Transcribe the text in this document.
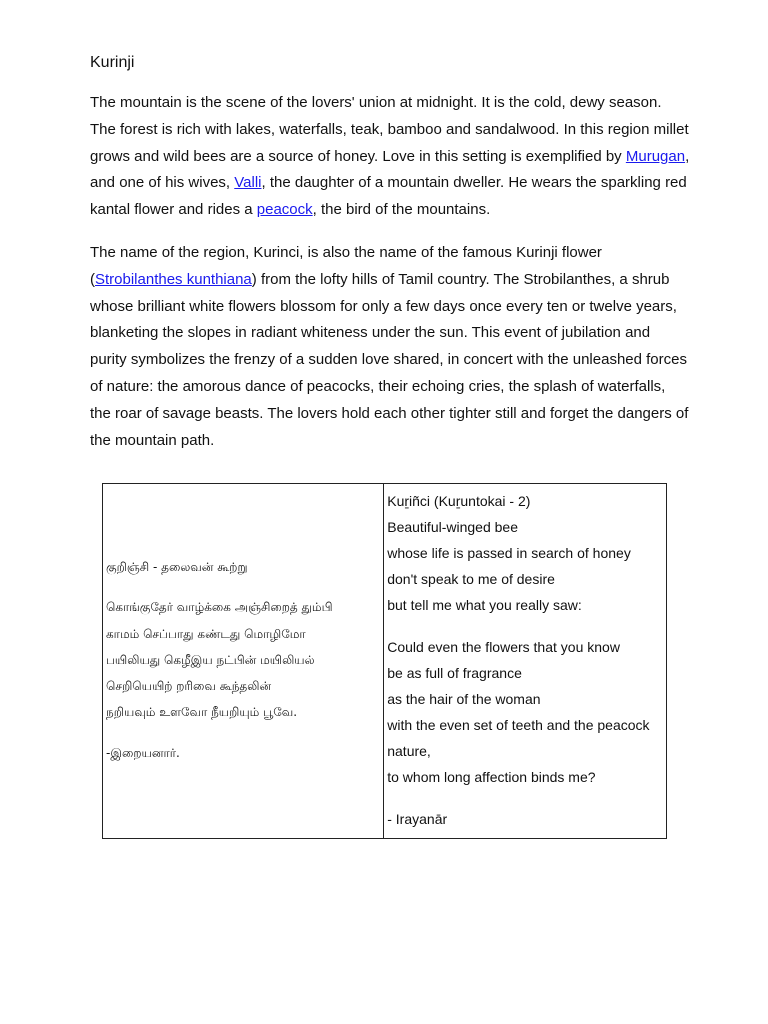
Kurinji

The mountain is the scene of the lovers' union at midnight. It is the cold, dewy season. The forest is rich with lakes, waterfalls, teak, bamboo and sandalwood. In this region millet grows and wild bees are a source of honey. Love in this setting is exemplified by Murugan, and one of his wives, Valli, the daughter of a mountain dweller. He wears the sparkling red kantal flower and rides a peacock, the bird of the mountains.

The name of the region, Kurinci, is also the name of the famous Kurinji flower (Strobilanthes kunthiana) from the lofty hills of Tamil country. The Strobilanthes, a shrub whose brilliant white flowers blossom for only a few days once every ten or twelve years, blanketing the slopes in radiant whiteness under the sun. This event of jubilation and purity symbolizes the frenzy of a sudden love shared, in concert with the unleashed forces of nature: the amorous dance of peacocks, their echoing cries, the splash of waterfalls, the roar of savage beasts. The lovers hold each other tighter still and forget the dangers of the mountain path.

குறிஞ்சி - தலைவன் கூற்று
கொங்குதேர் வாழ்க்கை அஞ்சிறைத் தும்பி
காமம் செப்பாது கண்டது மொழிமோ
பயிலியது கெழீஇய நட்பின் மயிலியல்
செறியெயிற் றரிவை கூந்தலின்
நறியவும் உளவோ நீயறியும் பூவே.
-இறையனார்.

Kuṟiñci (Kuṟuntokai - 2)
Beautiful-winged bee
whose life is passed in search of honey
don't speak to me of desire
but tell me what you really saw:
Could even the flowers that you know
be as full of fragrance
as the hair of the woman
with the even set of teeth and the peacock
nature,
to whom long affection binds me?
- Irayanār
